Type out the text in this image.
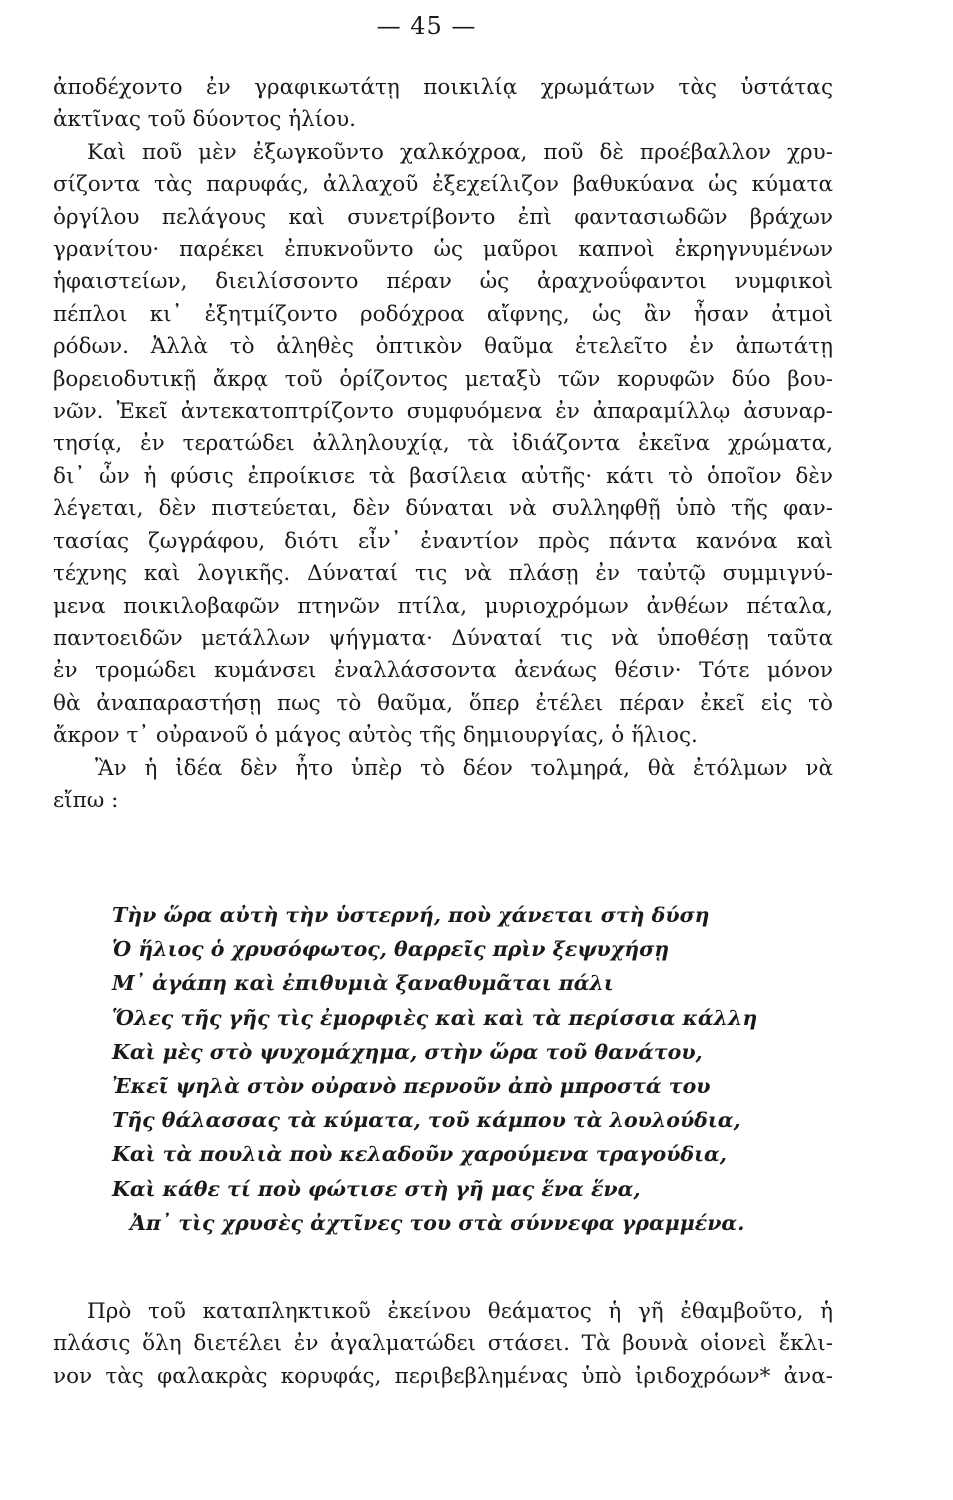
— 45 —
ἀποδέχοντο ἐν γραφικωτάτῃ ποικιλίᾳ χρωμάτων τὰς ὑστάτας
ἀκτῖνας τοῦ δύοντος ἡλίου.
Καὶ ποῦ μὲν ἐξωγκοῦντο χαλκόχροα, ποῦ δὲ προέβαλλον χρυ-
σίζοντα τὰς παρυφάς, ἀλλαχοῦ ἐξεχείλιζον βαθυκύανα ὡς κύματα
ὀργίλου πελάγους καὶ συνετρίβοντο ἐπὶ φαντασιωδῶν βράχων
γρανίτου· παρέκει ἐπυκνοῦντο ὡς μαῦροι καπνοὶ ἐκρηγνυμένων
ἡφαιστείων, διειλίσσοντο πέραν ὡς ἀραχνοΰφαντοι νυμφικοὶ
πέπλοι κι᾽ ἐξητμίζοντο ροδόχροα αἴφνης, ὡς ἂν ἦσαν ἀτμοὶ
ρόδων. Ἀλλὰ τὸ ἀληθὲς ὀπτικὸν θαῦμα ἐτελεῖτο ἐν ἀπωτάτῃ
βορειοδυτικῇ ἄκρᾳ τοῦ ὁρίζοντος μεταξὺ τῶν κορυφῶν δύο βου-
νῶν. Ἐκεῖ ἀντεκατοπτρίζοντο συμφυόμενα ἐν ἀπαραμίλλῳ ἀσυναρ-
τησίᾳ, ἐν τερατώδει ἀλληλουχίᾳ, τὰ ἰδιάζοντα ἐκεῖνα χρώματα,
δι᾽ ὧν ἡ φύσις ἐπροίκισε τὰ βασίλεια αὐτῆς· κάτι τὸ ὁποῖον δὲν
λέγεται, δὲν πιστεύεται, δὲν δύναται νὰ συλληφθῇ ὑπὸ τῆς φαν-
τασίας ζωγράφου, διότι εἶν᾽ ἐναντίον πρὸς πάντα κανόνα καὶ
τέχνης καὶ λογικῆς. Δύναταί τις νὰ πλάσῃ ἐν ταὐτῷ συμμιγνύ-
μενα ποικιλοβαφῶν πτηνῶν πτίλα, μυριοχρόμων ἀνθέων πέταλα,
παντοειδῶν μετάλλων ψήγματα· Δύναταί τις νὰ ὑποθέσῃ ταῦτα
ἐν τρομώδει κυμάνσει ἐναλλάσσοντα ἀενάως θέσιν· Τότε μόνον
θὰ ἀναπαραστήσῃ πως τὸ θαῦμα, ὅπερ ἐτέλει πέραν ἐκεῖ εἰς τὸ
ἄκρον τ᾽ οὐρανοῦ ὁ μάγος αὐτὸς τῆς δημιουργίας, ὁ ἥλιος.
Ἂν ἡ ἰδέα δὲν ἦτο ὑπὲρ τὸ δέον τολμηρά, θὰ ἐτόλμων νὰ
εἴπω :
Τὴν ὥρα αὐτὴ τὴν ὑστερνή, ποὺ χάνεται στὴ δύση
Ὁ ἥλιος ὁ χρυσόφωτος, θαρρεῖς πρὶν ξεψυχήσῃ
Μ᾽ ἀγάπη καὶ ἐπιθυμιὰ ξαναθυμᾶται πάλι
Ὅλες τῆς γῆς τὶς ἐμορφιὲς καὶ καὶ τὰ περίσσια κάλλη
Καὶ μὲς στὸ ψυχομάχημα, στὴν ὥρα τοῦ θανάτου,
Ἐκεῖ ψηλὰ στὸν οὐρανὸ περνοῦν ἀπὸ μπροστά του
Τῆς θάλασσας τὰ κύματα, τοῦ κάμπου τὰ λουλούδια,
Καὶ τὰ πουλιὰ ποὺ κελαδοῦν χαρούμενα τραγούδια,
Καὶ κάθε τί ποὺ φώτισε στὴ γῆ μας ἕνα ἕνα,
Ἀπ᾽ τὶς χρυσὲς ἀχτῖνες του στὰ σύννεφα γραμμένα.
Πρὸ τοῦ καταπληκτικοῦ ἐκείνου θεάματος ἡ γῆ ἐθαμβοῦτο, ἡ
πλάσις ὅλη διετέλει ἐν ἀγαλματώδει στάσει. Τὰ βουνὰ οἱονεὶ ἔκλι-
νον τὰς φαλακρὰς κορυφάς, περιβεβλημένας ὑπὸ ἰριδοχρόων* ἀνα-
